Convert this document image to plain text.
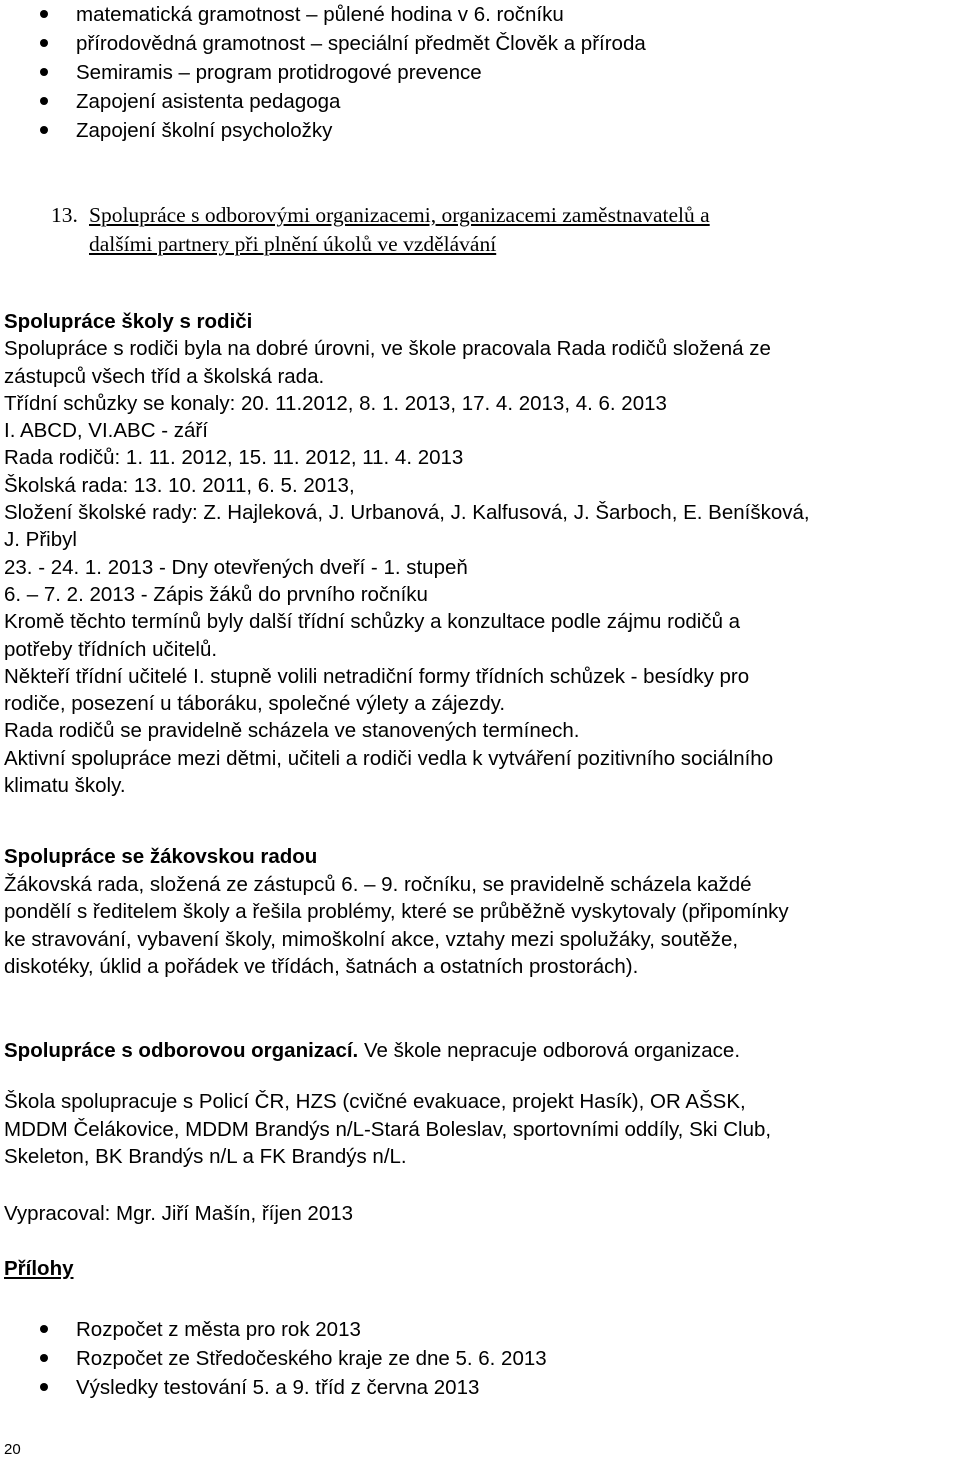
matematická gramotnost – půlené hodina v 6. ročníku
přírodovědná gramotnost – speciální předmět Člověk a příroda
Semiramis – program protidrogové prevence
Zapojení asistenta pedagoga
Zapojení školní psycholožky
13. Spolupráce s odborovými organizacemi, organizacemi zaměstnavatelů a
dalšími partnery při plnění úkolů ve vzdělávání

Spolupráce školy s rodiči

Spolupráce s rodiči byla na dobré úrovni, ve škole pracovala Rada rodičů složená ze

zástupců všech tříd a školská rada.

Třídní schůzky se konaly: 20. 11.2012, 8. 1. 2013, 17. 4. 2013, 4. 6. 2013

I. ABCD, VI.ABC - září

Rada rodičů: 1. 11. 2012, 15. 11. 2012, 11. 4. 2013

Školská rada: 13. 10. 2011, 6. 5. 2013,

Složení školské rady: Z. Hajleková, J. Urbanová, J. Kalfusová, J. Šarboch, E. Beníšková,

J. Přibyl

23. - 24. 1. 2013 - Dny otevřených dveří - 1. stupeň

6. – 7. 2. 2013 - Zápis žáků do prvního ročníku

Kromě těchto termínů byly další třídní schůzky a konzultace podle zájmu rodičů a

potřeby třídních učitelů.

Někteří třídní učitelé I. stupně volili netradiční formy třídních schůzek - besídky pro

rodiče, posezení u táboráku, společné výlety a zájezdy.

Rada rodičů se pravidelně scházela ve stanovených termínech.

Aktivní spolupráce mezi dětmi, učiteli a rodiči vedla k vytváření pozitivního sociálního

klimatu školy.

Spolupráce se žákovskou radou

Žákovská rada, složená ze zástupců 6. – 9. ročníku, se pravidelně scházela každé

pondělí s ředitelem školy a řešila problémy, které se průběžně vyskytovaly (připomínky

ke stravování, vybavení školy, mimoškolní akce, vztahy mezi spolužáky, soutěže,

diskotéky, úklid a pořádek ve třídách, šatnách a ostatních prostorách).

Spolupráce s odborovou organizací. Ve škole nepracuje odborová organizace.

Škola spolupracuje s Policí ČR, HZS (cvičné evakuace, projekt Hasík), OR AŠSK,

MDDM Čelákovice, MDDM Brandýs n/L-Stará Boleslav, sportovními oddíly, Ski Club,

Skeleton, BK Brandýs n/L a FK Brandýs n/L.

Vypracoval: Mgr. Jiří Mašín, říjen 2013

Přílohy

Rozpočet z města pro rok 2013
Rozpočet ze Středočeského kraje ze dne 5. 6. 2013
Výsledky testování 5. a 9. tříd z června 2013
20
